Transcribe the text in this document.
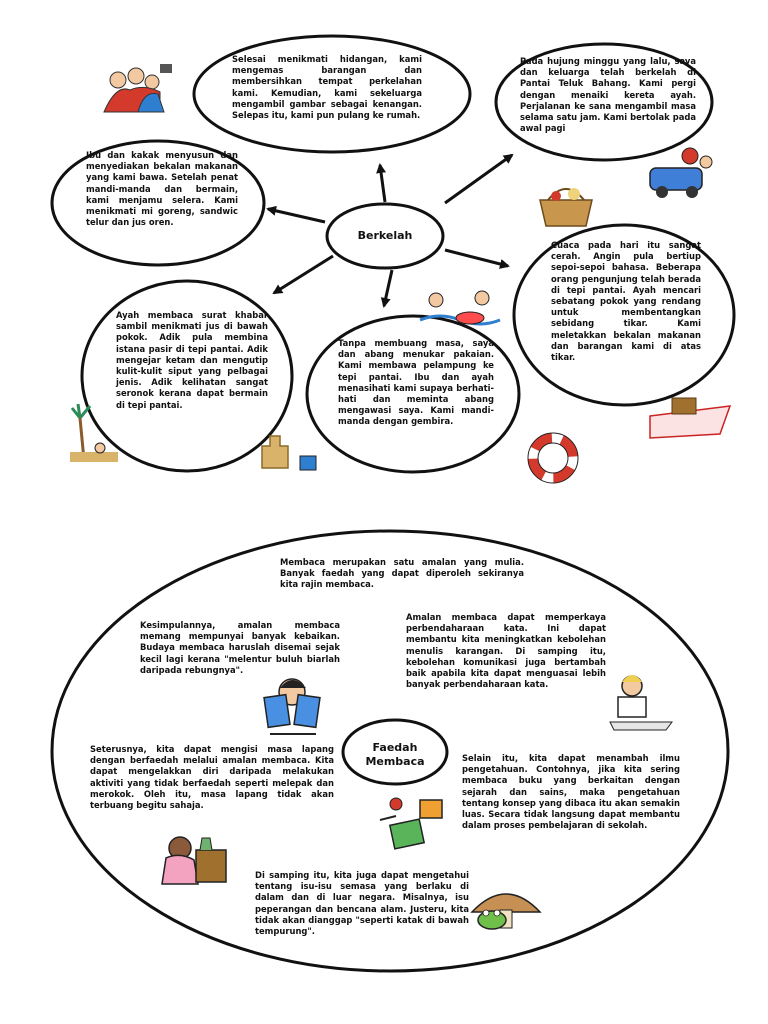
Berkelah
Selesai menikmati hidangan, kami mengemas barangan dan membersihkan tempat perkelahan kami. Kemudian, kami sekeluarga mengambil gambar sebagai kenangan. Selepas itu, kami pun pulang ke rumah.
Pada hujung minggu yang lalu, saya dan keluarga telah berkelah di Pantai Teluk Bahang. Kami pergi dengan menaiki kereta ayah. Perjalanan ke sana mengambil masa selama satu jam. Kami bertolak pada awal pagi
Ibu dan kakak menyusun dan menyediakan bekalan makanan yang kami bawa. Setelah penat mandi-manda dan bermain, kami menjamu selera. Kami menikmati mi goreng, sandwic telur dan jus oren.
Cuaca pada hari itu sangat cerah. Angin pula bertiup sepoi-sepoi bahasa. Beberapa orang pengunjung telah berada di tepi pantai. Ayah mencari sebatang pokok yang rendang untuk membentangkan sebidang tikar. Kami meletakkan bekalan makanan dan barangan kami di atas tikar.
Ayah membaca surat khabar sambil menikmati jus di bawah pokok. Adik pula membina istana pasir di tepi pantai. Adik mengejar ketam dan mengutip kulit-kulit siput yang pelbagai jenis. Adik kelihatan sangat seronok kerana dapat bermain di tepi pantai.
Tanpa membuang masa, saya dan abang menukar pakaian. Kami membawa pelampung ke tepi pantai. Ibu dan ayah menasihati kami supaya berhati-hati dan meminta abang mengawasi saya. Kami mandi-manda dengan gembira.
Faedah
Membaca
Membaca merupakan satu amalan yang mulia. Banyak faedah yang dapat diperoleh sekiranya kita rajin membaca.
Kesimpulannya, amalan membaca memang mempunyai banyak kebaikan. Budaya membaca haruslah disemai sejak kecil lagi kerana "melentur buluh biarlah daripada rebungnya".
Amalan membaca dapat memperkaya perbendaharaan kata. Ini dapat membantu kita meningkatkan kebolehan menulis karangan. Di samping itu, kebolehan komunikasi juga bertambah baik apabila kita dapat menguasai lebih banyak perbendaharaan kata.
Seterusnya, kita dapat mengisi masa lapang dengan berfaedah melalui amalan membaca. Kita dapat mengelakkan diri daripada melakukan aktiviti yang tidak berfaedah seperti melepak dan merokok. Oleh itu, masa lapang tidak akan terbuang begitu sahaja.
Selain itu, kita dapat menambah ilmu pengetahuan. Contohnya, jika kita sering membaca buku yang berkaitan dengan sejarah dan sains, maka pengetahuan tentang konsep yang dibaca itu akan semakin luas. Secara tidak langsung dapat membantu dalam proses pembelajaran di sekolah.
Di samping itu, kita juga dapat mengetahui tentang isu-isu semasa yang berlaku di dalam dan di luar negara. Misalnya, isu peperangan dan bencana alam. Justeru, kita tidak akan dianggap "seperti katak di bawah tempurung".
